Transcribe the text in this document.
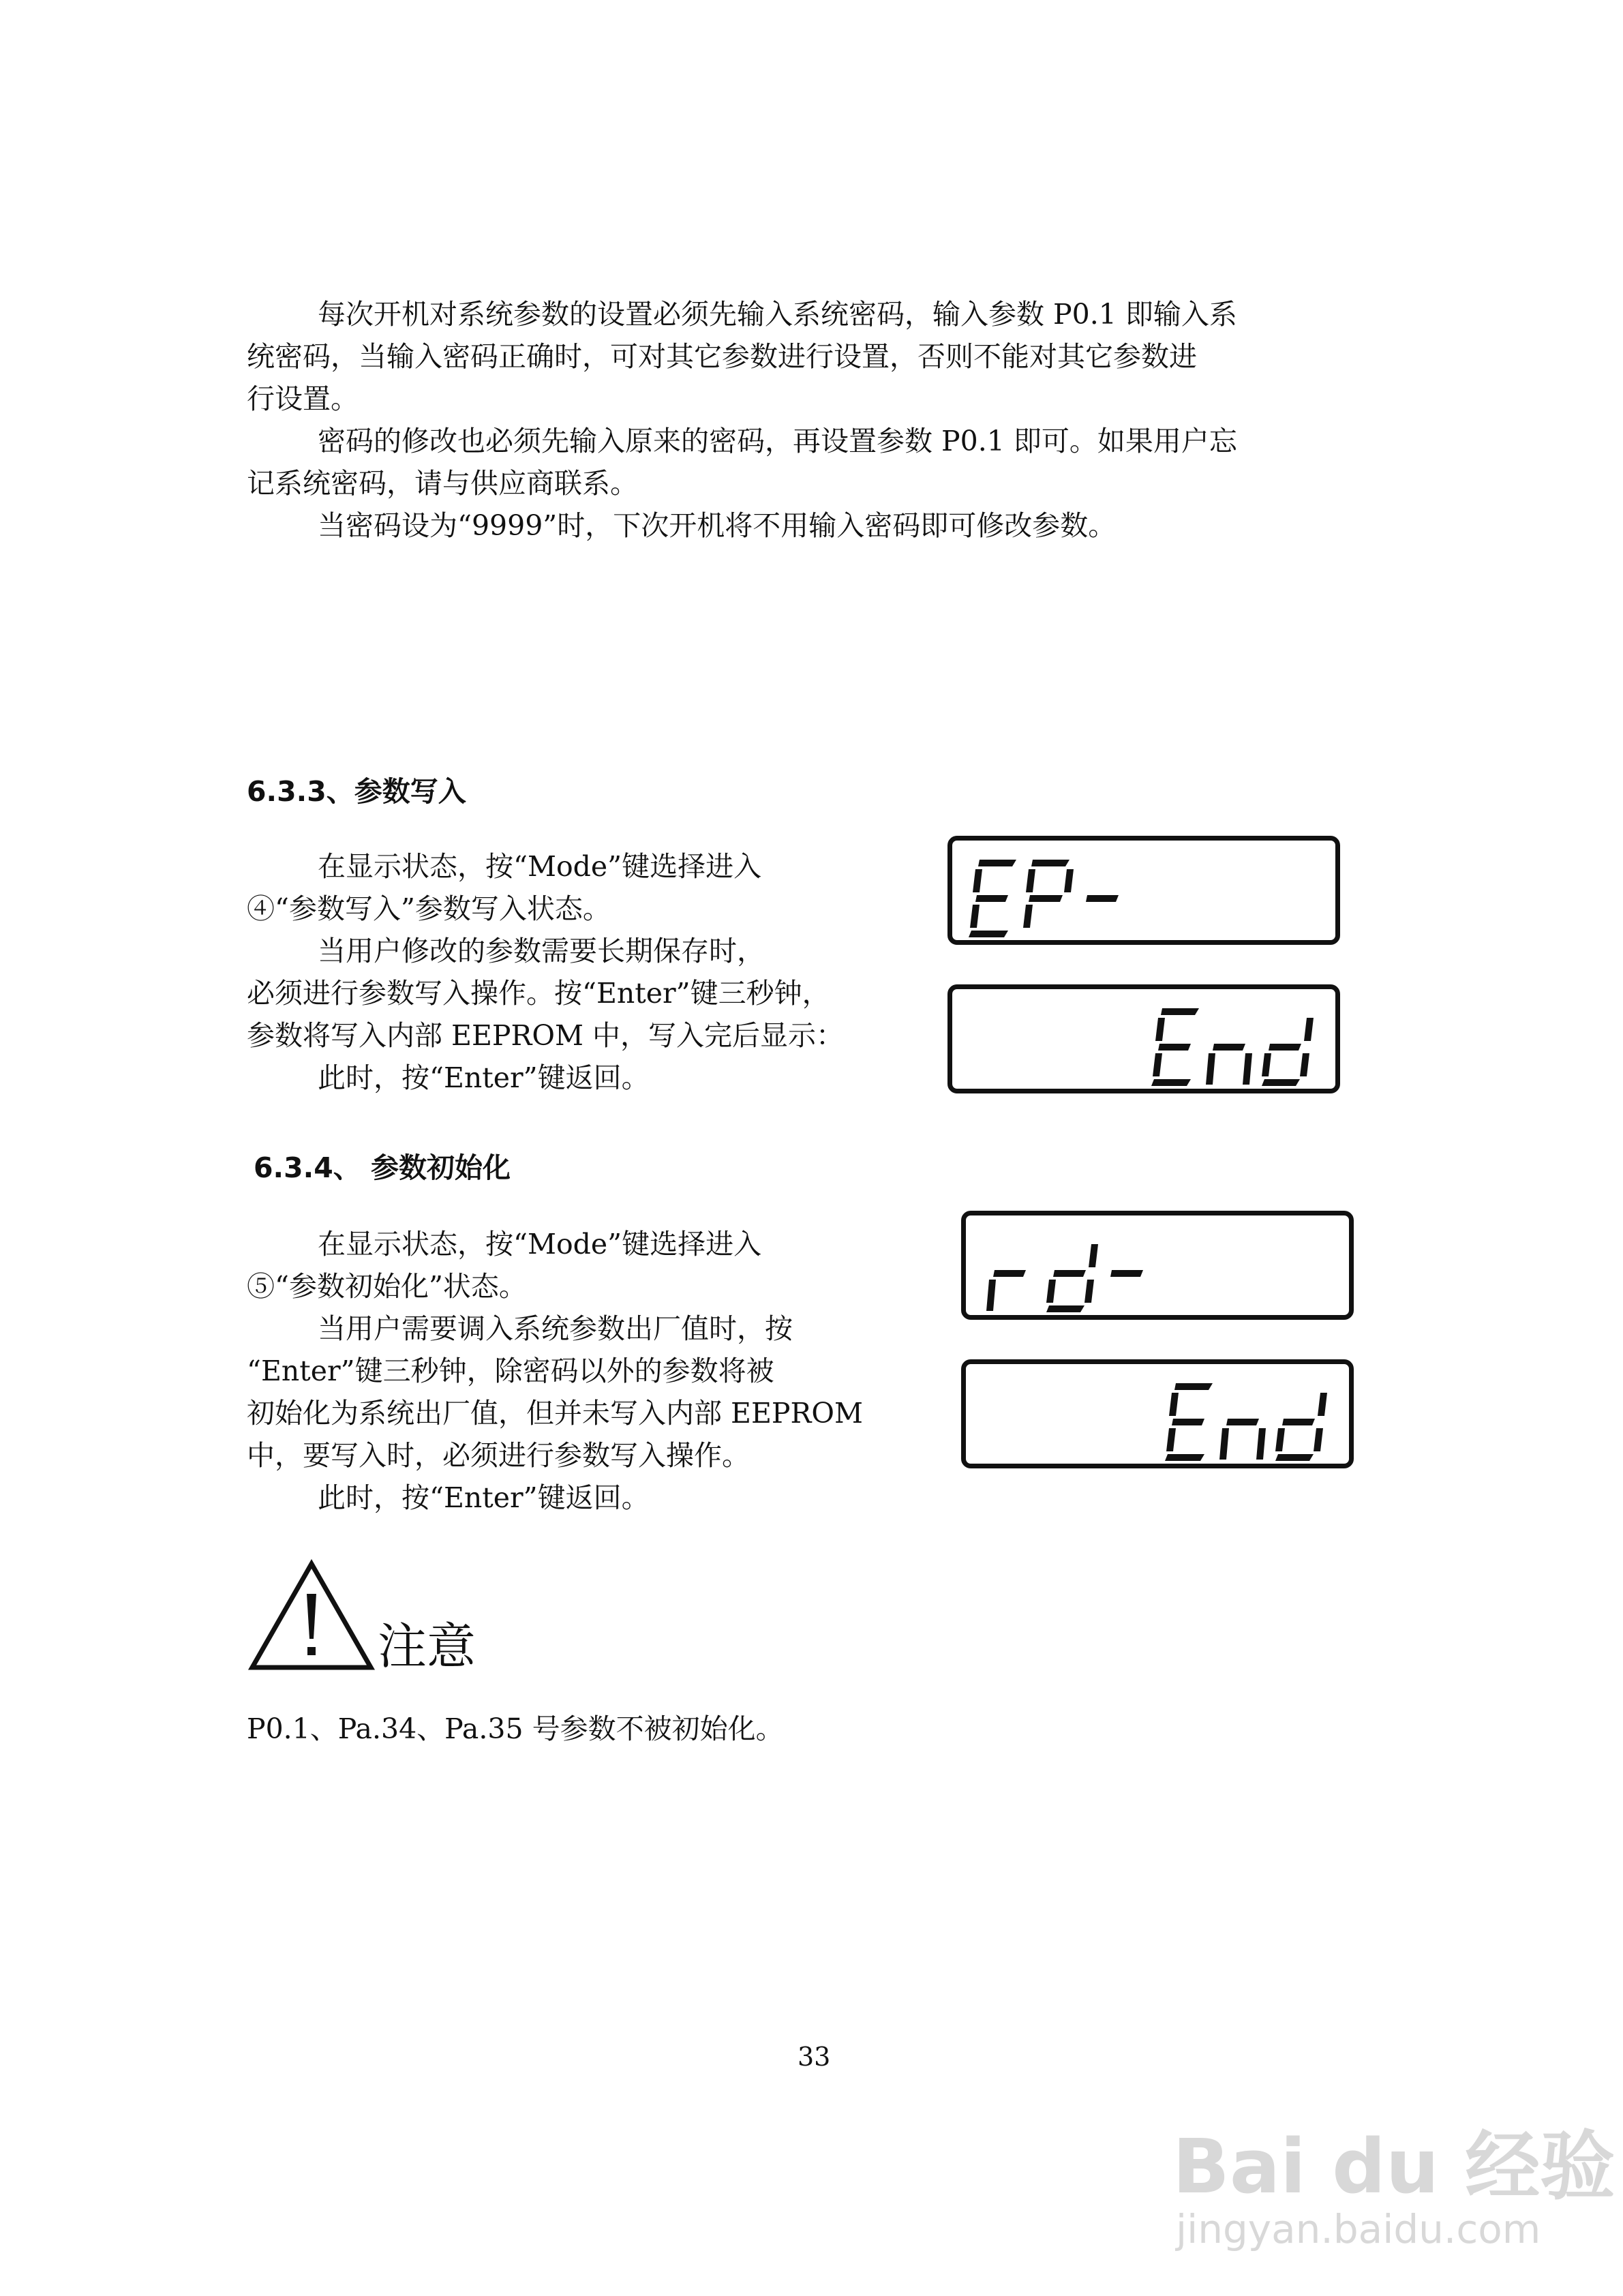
每次开机对系统参数的设置必须先输入系统密码，输入参数 P0.1 即输入系
统密码，当输入密码正确时，可对其它参数进行设置，否则不能对其它参数进
行设置。
密码的修改也必须先输入原来的密码，再设置参数 P0.1 即可。如果用户忘
记系统密码，请与供应商联系。
当密码设为“9999”时，下次开机将不用输入密码即可修改参数。
6.3.3、参数写入
在显示状态，按“Mode”键选择进入
④“参数写入”参数写入状态。
当用户修改的参数需要长期保存时，
必须进行参数写入操作。按“Enter”键三秒钟，
参数将写入内部 EEPROM 中，写入完后显示：
此时，按“Enter”键返回。
6.3.4、 参数初始化
在显示状态，按“Mode”键选择进入
⑤“参数初始化”状态。
当用户需要调入系统参数出厂值时，按
“Enter”键三秒钟，除密码以外的参数将被
初始化为系统出厂值，但并未写入内部 EEPROM
中，要写入时，必须进行参数写入操作。
此时，按“Enter”键返回。
注意
P0.1、Pa.34、Pa.35 号参数不被初始化。
33
Bai du 经验
jingyan.baidu.com
